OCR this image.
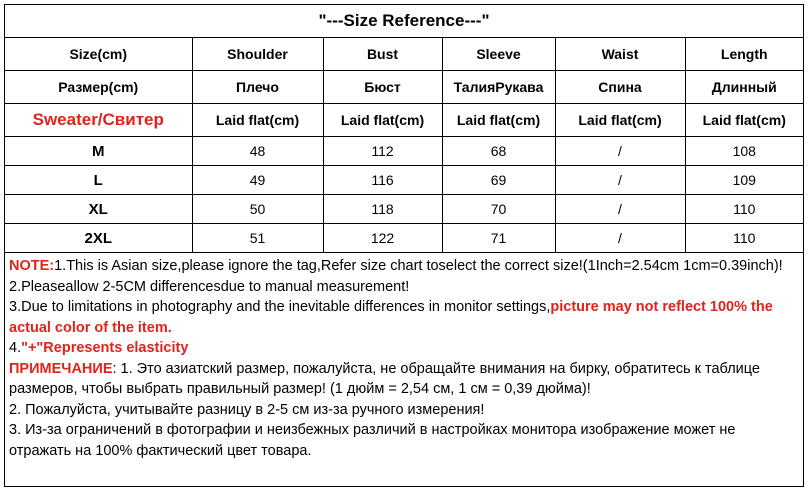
"---Size Reference---"
Size(cm)	Shoulder	Bust	Sleeve	Waist	Length
Размер(cm)	Плечо	Бюст	ТалияРукава	Спина	Длинный
Sweater/Свитер	Laid flat(cm)	Laid flat(cm)	Laid flat(cm)	Laid flat(cm)	Laid flat(cm)
M	48	112	68	/	108
L	49	116	69	/	109
XL	50	118	70	/	110
2XL	51	122	71	/	110

NOTE:1.This is Asian size,please ignore the tag,Refer size chart toselect the correct size!(1Inch=2.54cm 1cm=0.39inch)!

2.Pleaseallow 2-5CM differencesdue to manual measurement!

3.Due to limitations in photography and the inevitable differences in monitor settings,picture may not reflect 100% the actual color of the item.

4."+"Represents elasticity

ПРИМЕЧАНИЕ: 1. Это азиатский размер, пожалуйста, не обращайте внимания на бирку, обратитесь к таблице размеров, чтобы выбрать правильный размер! (1 дюйм = 2,54 см, 1 см = 0,39 дюйма)!

2. Пожалуйста, учитывайте разницу в 2-5 см из-за ручного измерения!

3. Из-за ограничений в фотографии и неизбежных различий в настройках монитора изображение может не отражать на 100% фактический цвет товара.
